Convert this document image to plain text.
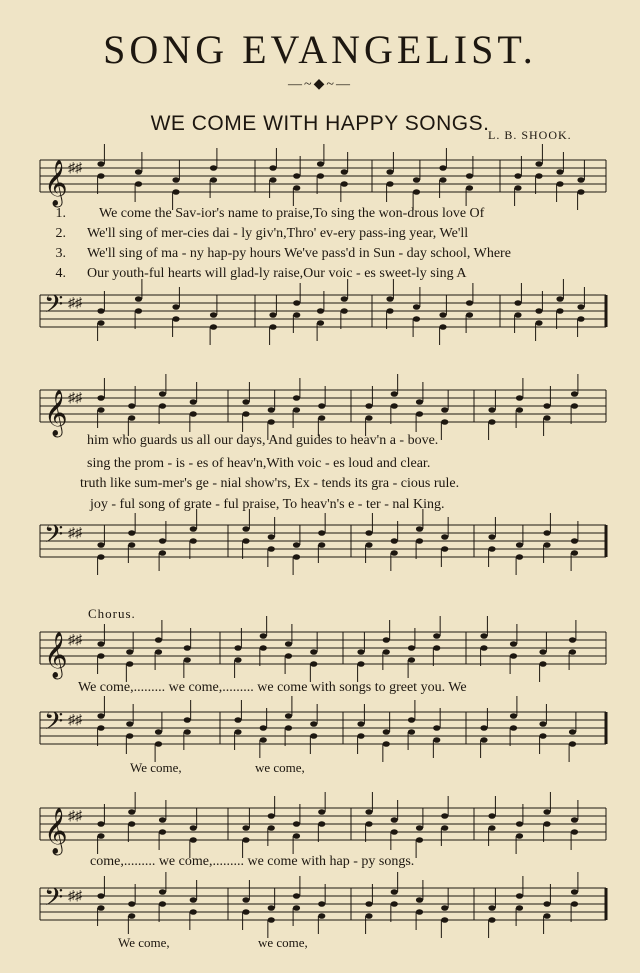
SONG EVANGELIST.
—~◆~—
WE COME WITH HAPPY SONGS.
L. B. SHOOK.
𝄞 ♯♯
𝄢 ♯♯
𝄞 ♯♯
𝄢 ♯♯
𝄞 ♯♯
𝄢 ♯♯
𝄞 ♯♯
𝄢 ♯♯
1. We come the Sav-ior's name to praise,To sing the won-drous love Of
2. We'll sing of mer-cies dai - ly giv'n,Thro' ev-ery pass-ing year, We'll
3. We'll sing of ma - ny hap-py hours We've pass'd in Sun - day school, Where
4. Our youth-ful hearts will glad-ly raise,Our voic - es sweet-ly sing A
him who guards us all our days, And guides to heav'n a - bove.
sing the prom - is - es of heav'n,With voic - es loud and clear.
truth like sum-mer's ge - nial show'rs, Ex - tends its gra - cious rule.
joy - ful song of grate - ful praise, To heav'n's e - ter - nal King.
Chorus.
We come,......... we come,......... we come with songs to greet you. We
We come,	we come,
come,......... we come,......... we come with hap - py songs.
We come,	we come,
